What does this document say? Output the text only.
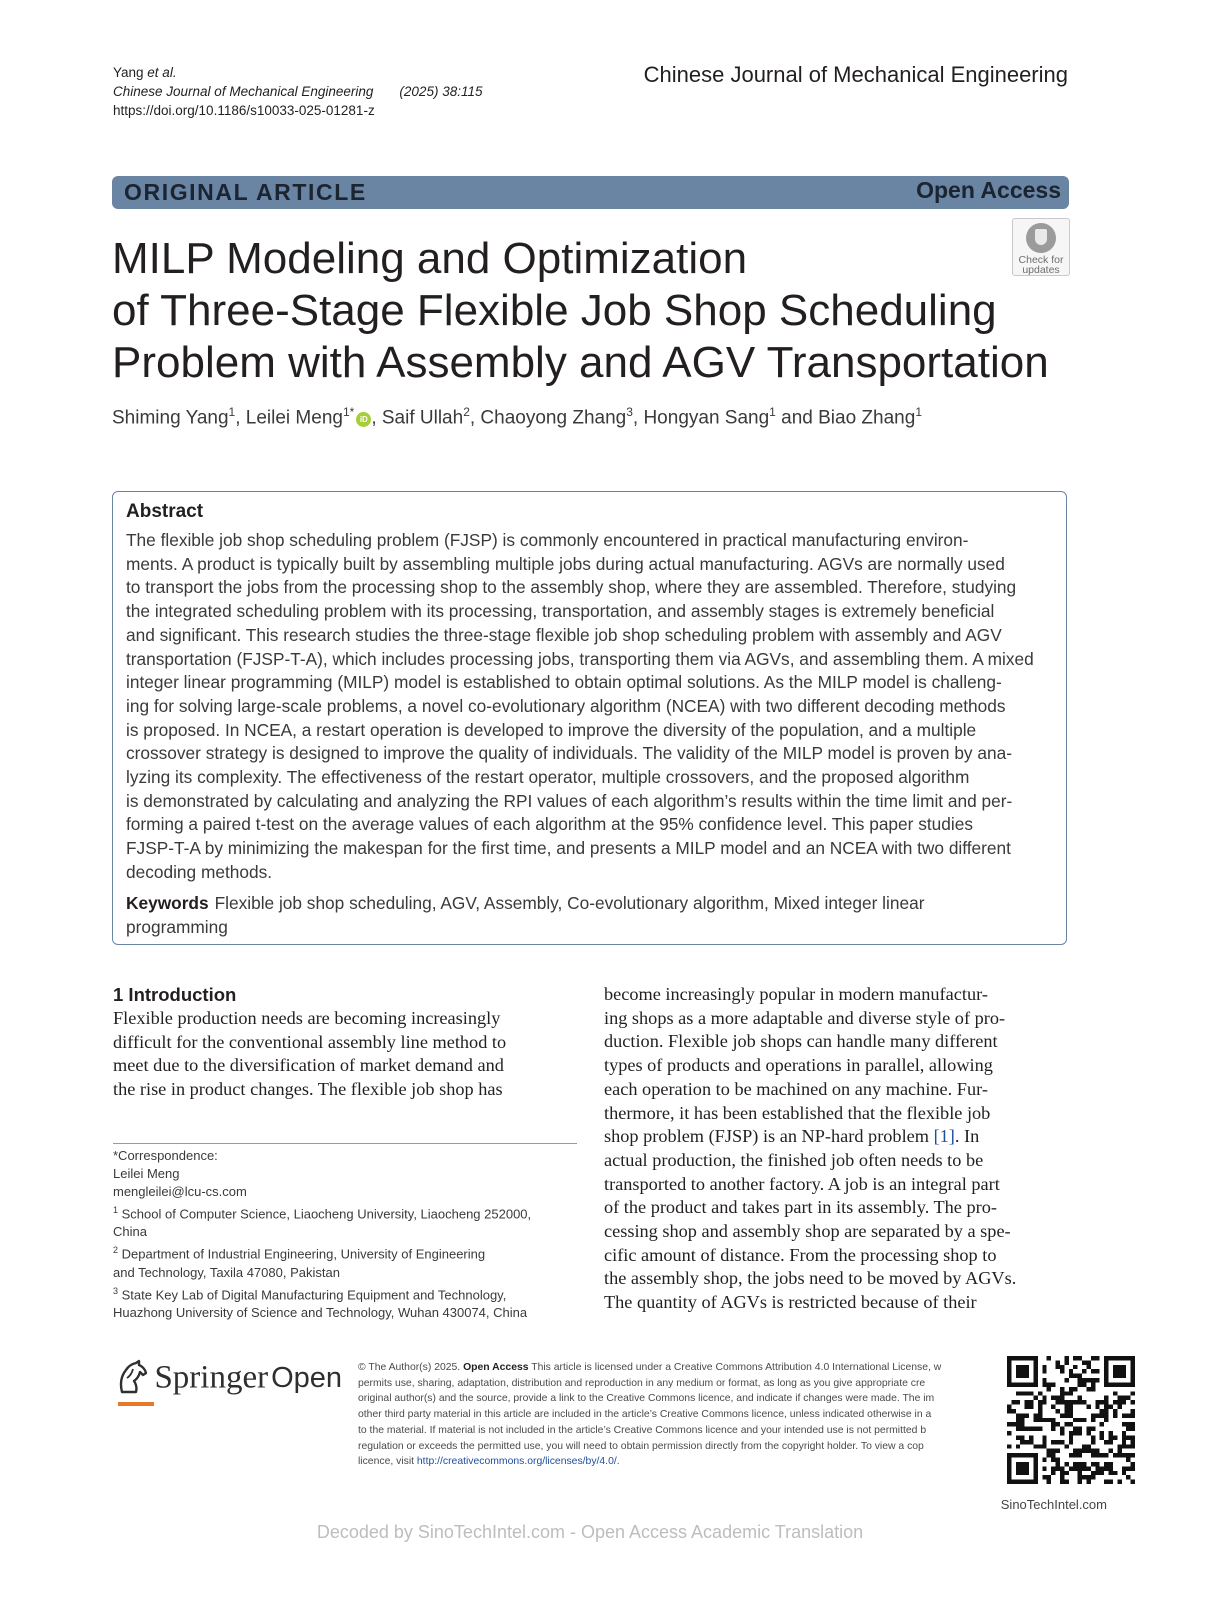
Yang et al.
Chinese Journal of Mechanical Engineering (2025) 38:115
https://doi.org/10.1186/s10033-025-01281-z
Chinese Journal of Mechanical Engineering
ORIGINAL ARTICLE	Open Access
Check for
updates
MILP Modeling and Optimization
of Three-Stage Flexible Job Shop Scheduling
Problem with Assembly and AGV Transportation
Shiming Yang$^1$, Leilei Meng$^{1*}$iD , Saif Ullah$^2$, Chaoyong Zhang$^3$, Hongyan Sang$^1$ and Biao Zhang$^1$
Abstract
The flexible job shop scheduling problem (FJSP) is commonly encountered in practical manufacturing environ-
ments. A product is typically built by assembling multiple jobs during actual manufacturing. AGVs are normally used
to transport the jobs from the processing shop to the assembly shop, where they are assembled. Therefore, studying
the integrated scheduling problem with its processing, transportation, and assembly stages is extremely beneficial
and significant. This research studies the three-stage flexible job shop scheduling problem with assembly and AGV
transportation (FJSP-T-A), which includes processing jobs, transporting them via AGVs, and assembling them. A mixed
integer linear programming (MILP) model is established to obtain optimal solutions. As the MILP model is challeng-
ing for solving large-scale problems, a novel co-evolutionary algorithm (NCEA) with two different decoding methods
is proposed. In NCEA, a restart operation is developed to improve the diversity of the population, and a multiple
crossover strategy is designed to improve the quality of individuals. The validity of the MILP model is proven by ana-
lyzing its complexity. The effectiveness of the restart operator, multiple crossovers, and the proposed algorithm
is demonstrated by calculating and analyzing the RPI values of each algorithm’s results within the time limit and per-
forming a paired t-test on the average values of each algorithm at the 95% confidence level. This paper studies
FJSP-T-A by minimizing the makespan for the first time, and presents a MILP model and an NCEA with two different
decoding methods.
Keywords Flexible job shop scheduling, AGV, Assembly, Co-evolutionary algorithm, Mixed integer linear
programming
1 Introduction
Flexible production needs are becoming increasingly
difficult for the conventional assembly line method to
meet due to the diversification of market demand and
the rise in product changes. The flexible job shop has
become increasingly popular in modern manufactur-
ing shops as a more adaptable and diverse style of pro-
duction. Flexible job shops can handle many different
types of products and operations in parallel, allowing
each operation to be machined on any machine. Fur-
thermore, it has been established that the flexible job
shop problem (FJSP) is an NP-hard problem [1]. In
actual production, the finished job often needs to be
transported to another factory. A job is an integral part
of the product and takes part in its assembly. The pro-
cessing shop and assembly shop are separated by a spe-
cific amount of distance. From the processing shop to
the assembly shop, the jobs need to be moved by AGVs.
The quantity of AGVs is restricted because of their
*Correspondence:
Leilei Meng
mengleilei@lcu-cs.com
$^1$ School of Computer Science, Liaocheng University, Liaocheng 252000,
China
$^2$ Department of Industrial Engineering, University of Engineering
and Technology, Taxila 47080, Pakistan
$^3$ State Key Lab of Digital Manufacturing Equipment and Technology,
Huazhong University of Science and Technology, Wuhan 430074, China
Springer Open © The Author(s) 2025. Open Access This article is licensed under a Creative Commons Attribution 4.0 International License, w
permits use, sharing, adaptation, distribution and reproduction in any medium or format, as long as you give appropriate cre
original author(s) and the source, provide a link to the Creative Commons licence, and indicate if changes were made. The im
other third party material in this article are included in the article’s Creative Commons licence, unless indicated otherwise in a
to the material. If material is not included in the article’s Creative Commons licence and your intended use is not permitted b
regulation or exceeds the permitted use, you will need to obtain permission directly from the copyright holder. To view a cop
licence, visit http://creativecommons.org/licenses/by/4.0/.
SinoTechIntel.com
Decoded by SinoTechIntel.com - Open Access Academic Translation
